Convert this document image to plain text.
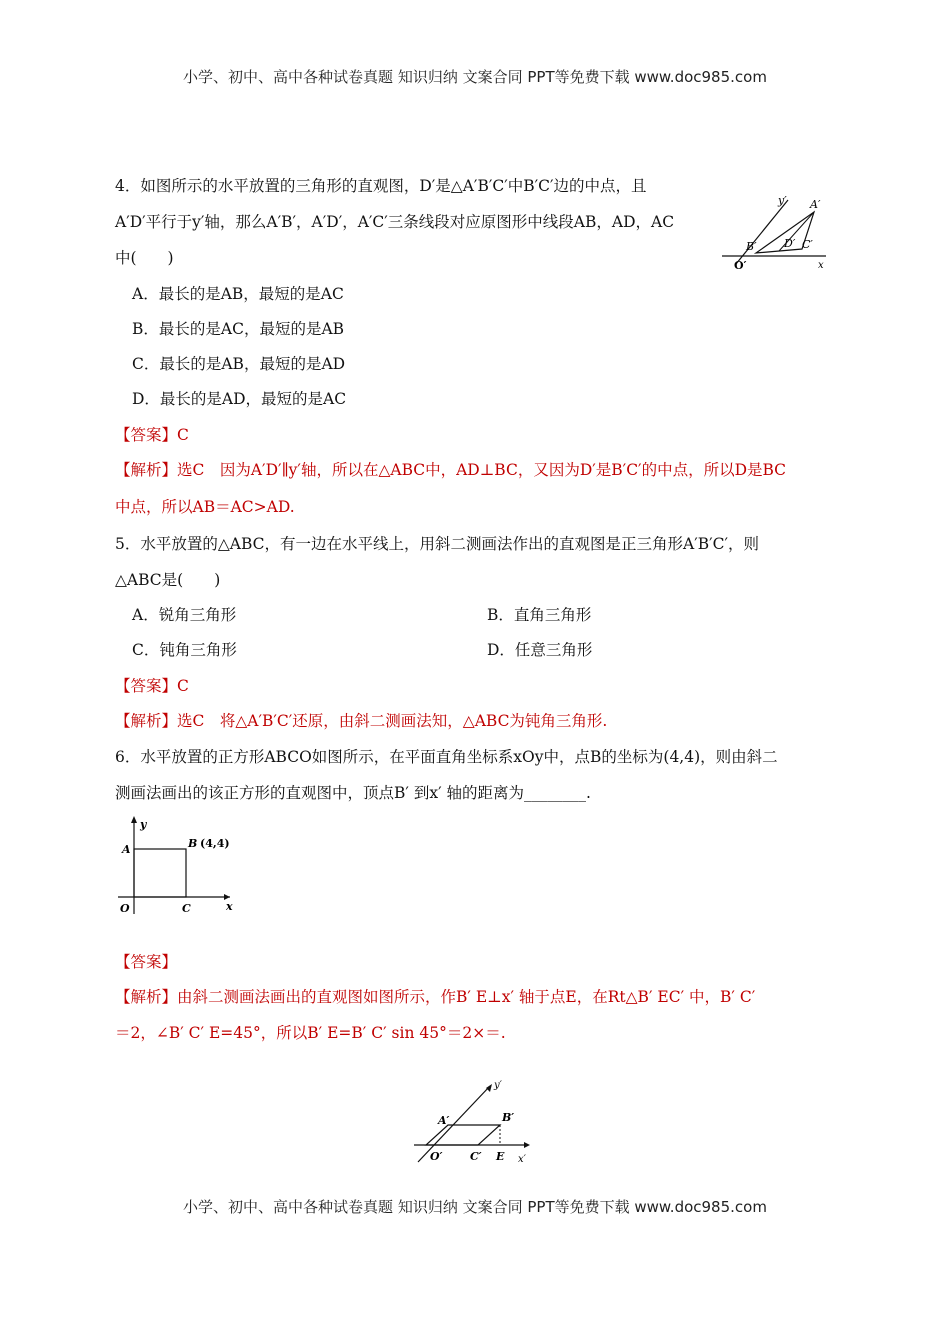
小学、初中、高中各种试卷真题 知识归纳 文案合同 PPT等免费下载 www.doc985.com
4．如图所示的水平放置的三角形的直观图，D′是△A′B′C′中B′C′边的中点，且
A′D′平行于y′轴，那么A′B′，A′D′，A′C′三条线段对应原图形中线段AB，AD，AC
中(　　)
A．最长的是AB，最短的是AC
B．最长的是AC，最短的是AB
C．最长的是AB，最短的是AD
D．最长的是AD，最短的是AC
【答案】C
【解析】选C　因为A′D′∥y′轴，所以在△ABC中，AD⊥BC，又因为D′是B′C′的中点，所以D是BC
中点，所以AB＝AC>AD.
y′ A′
B′ D′ C′
O′	x
5．水平放置的△ABC，有一边在水平线上，用斜二测画法作出的直观图是正三角形A′B′C′，则
△ABC是(　　)
A．锐角三角形	B．直角三角形
C．钝角三角形	D．任意三角形
【答案】C
【解析】选C　将△A′B′C′还原，由斜二测画法知，△ABC为钝角三角形.
6．水平放置的正方形ABCO如图所示，在平面直角坐标系xOy中，点B的坐标为(4,4)，则由斜二
测画法画出的该正方形的直观图中，顶点B′ 到x′ 轴的距离为________.
y
A	B (4,4)
O	C	x
【答案】
【解析】由斜二测画法画出的直观图如图所示，作B′ E⊥x′ 轴于点E，在Rt△B′ EC′ 中，B′ C′
＝2，∠B′ C′ E=45°，所以B′ E=B′ C′ sin 45°＝2×＝.
y′
A′	B′
O′	C′ E x′
小学、初中、高中各种试卷真题 知识归纳 文案合同 PPT等免费下载 www.doc985.com
